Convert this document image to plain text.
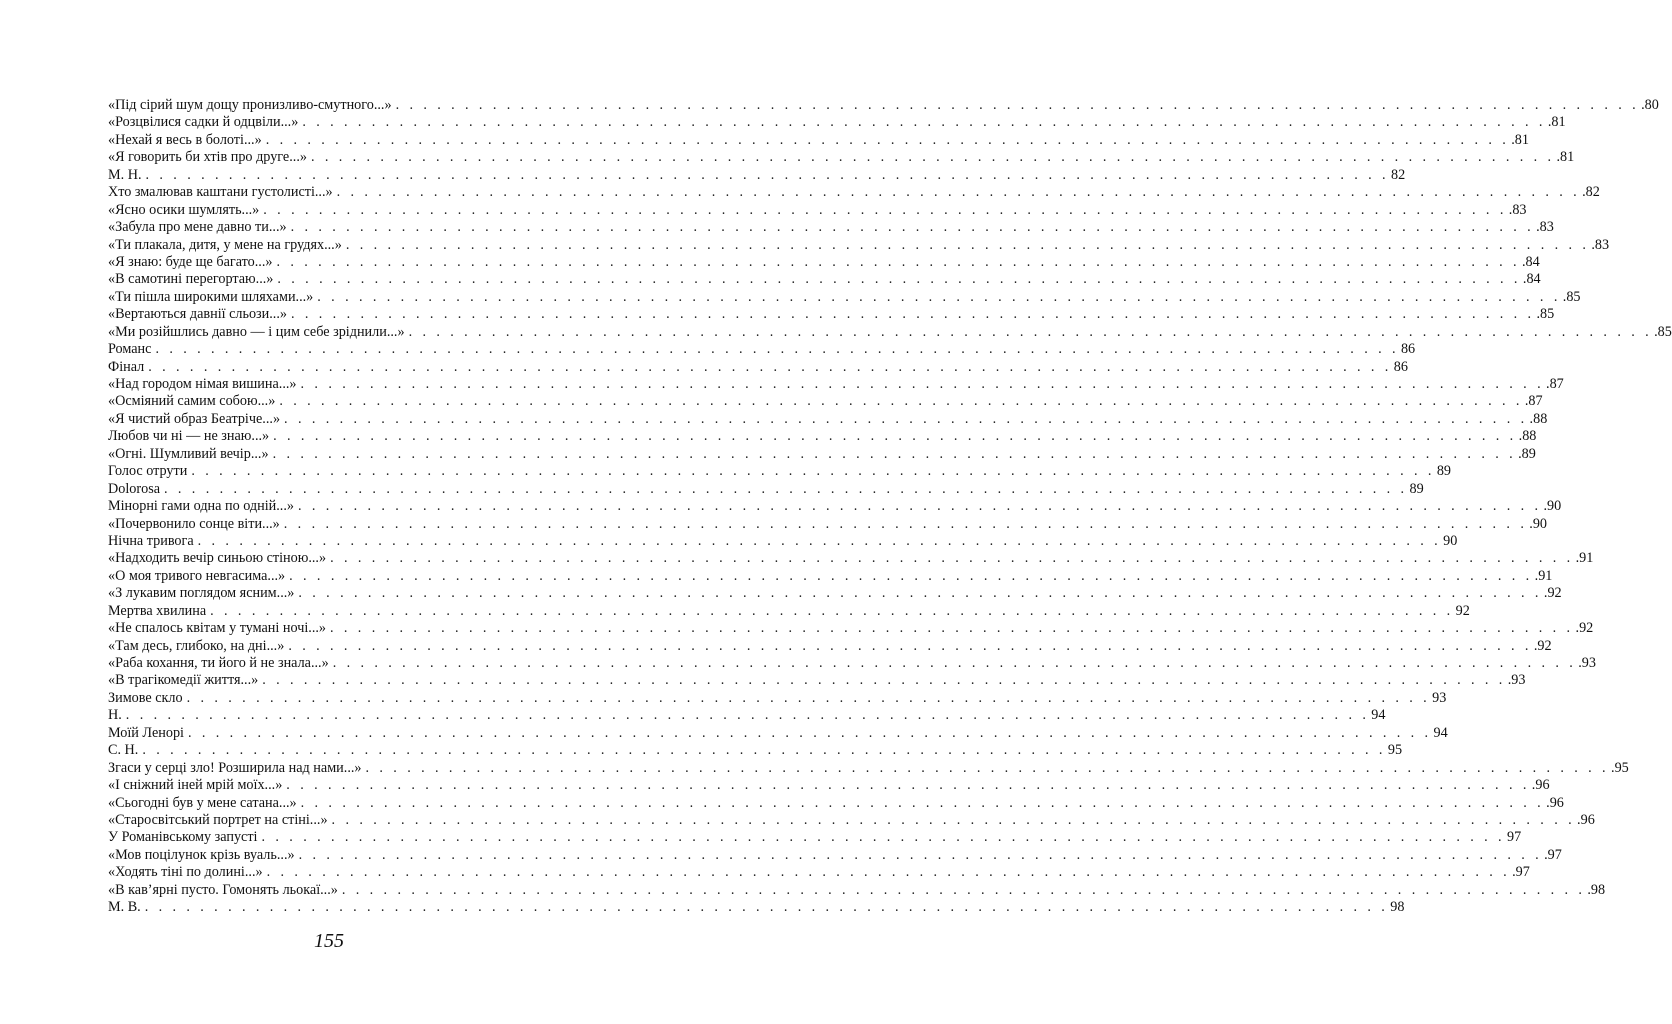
«Під сірий шум дощу пронизливо-смутного...» . . . . . . . . . . . . . . . . . . . . . . . . . . . . . . . . . . . . . . . . . . . . . . . . . . . . . . . . . . . . . . . . . . . . . . . . . . . . . . . . . . . . . . . . . . .80
«Розцвілися садки й одцвіли...» . . . . . . . . . . . . . . . . . . . . . . . . . . . . . . . . . . . . . . . . . . . . . . . . . . . . . . . . . . . . . . . . . . . . . . . . . . . . . . . . . . . . . . . . . . .81
«Нехай я весь в болоті...» . . . . . . . . . . . . . . . . . . . . . . . . . . . . . . . . . . . . . . . . . . . . . . . . . . . . . . . . . . . . . . . . . . . . . . . . . . . . . . . . . . . . . . . . . . .81
«Я говорить би хтів про друге...» . . . . . . . . . . . . . . . . . . . . . . . . . . . . . . . . . . . . . . . . . . . . . . . . . . . . . . . . . . . . . . . . . . . . . . . . . . . . . . . . . . . . . . . . . . .81
М. Н. . . . . . . . . . . . . . . . . . . . . . . . . . . . . . . . . . . . . . . . . . . . . . . . . . . . . . . . . . . . . . . . . . . . . . . . . . . . . . . . . . . . . . . . . . . 82
Хто змалював каштани густолисті...» . . . . . . . . . . . . . . . . . . . . . . . . . . . . . . . . . . . . . . . . . . . . . . . . . . . . . . . . . . . . . . . . . . . . . . . . . . . . . . . . . . . . . . . . . . .82
«Ясно осики шумлять...» . . . . . . . . . . . . . . . . . . . . . . . . . . . . . . . . . . . . . . . . . . . . . . . . . . . . . . . . . . . . . . . . . . . . . . . . . . . . . . . . . . . . . . . . . . .83
«Забула про мене давно ти...» . . . . . . . . . . . . . . . . . . . . . . . . . . . . . . . . . . . . . . . . . . . . . . . . . . . . . . . . . . . . . . . . . . . . . . . . . . . . . . . . . . . . . . . . . . .83
«Ти плакала, дитя, у мене на грудях...» . . . . . . . . . . . . . . . . . . . . . . . . . . . . . . . . . . . . . . . . . . . . . . . . . . . . . . . . . . . . . . . . . . . . . . . . . . . . . . . . . . . . . . . . . . .83
«Я знаю: буде ще багато...» . . . . . . . . . . . . . . . . . . . . . . . . . . . . . . . . . . . . . . . . . . . . . . . . . . . . . . . . . . . . . . . . . . . . . . . . . . . . . . . . . . . . . . . . . . .84
«В самотині перегортаю...» . . . . . . . . . . . . . . . . . . . . . . . . . . . . . . . . . . . . . . . . . . . . . . . . . . . . . . . . . . . . . . . . . . . . . . . . . . . . . . . . . . . . . . . . . . .84
«Ти пішла широкими шляхами...» . . . . . . . . . . . . . . . . . . . . . . . . . . . . . . . . . . . . . . . . . . . . . . . . . . . . . . . . . . . . . . . . . . . . . . . . . . . . . . . . . . . . . . . . . . .85
«Вертаються давнії сльози...» . . . . . . . . . . . . . . . . . . . . . . . . . . . . . . . . . . . . . . . . . . . . . . . . . . . . . . . . . . . . . . . . . . . . . . . . . . . . . . . . . . . . . . . . . . .85
«Ми розійшлись давно — і цим себе зріднили...» . . . . . . . . . . . . . . . . . . . . . . . . . . . . . . . . . . . . . . . . . . . . . . . . . . . . . . . . . . . . . . . . . . . . . . . . . . . . . . . . . . . . . . . . . . .85
Романс . . . . . . . . . . . . . . . . . . . . . . . . . . . . . . . . . . . . . . . . . . . . . . . . . . . . . . . . . . . . . . . . . . . . . . . . . . . . . . . . . . . . . . . . . . 86
Фінал . . . . . . . . . . . . . . . . . . . . . . . . . . . . . . . . . . . . . . . . . . . . . . . . . . . . . . . . . . . . . . . . . . . . . . . . . . . . . . . . . . . . . . . . . . 86
«Над городом німая вишина...» . . . . . . . . . . . . . . . . . . . . . . . . . . . . . . . . . . . . . . . . . . . . . . . . . . . . . . . . . . . . . . . . . . . . . . . . . . . . . . . . . . . . . . . . . . .87
«Осміяний самим собою...» . . . . . . . . . . . . . . . . . . . . . . . . . . . . . . . . . . . . . . . . . . . . . . . . . . . . . . . . . . . . . . . . . . . . . . . . . . . . . . . . . . . . . . . . . . .87
«Я чистий образ Беатріче...» . . . . . . . . . . . . . . . . . . . . . . . . . . . . . . . . . . . . . . . . . . . . . . . . . . . . . . . . . . . . . . . . . . . . . . . . . . . . . . . . . . . . . . . . . . .88
Любов чи ні — не знаю...» . . . . . . . . . . . . . . . . . . . . . . . . . . . . . . . . . . . . . . . . . . . . . . . . . . . . . . . . . . . . . . . . . . . . . . . . . . . . . . . . . . . . . . . . . . .88
«Огні. Шумливий вечір...» . . . . . . . . . . . . . . . . . . . . . . . . . . . . . . . . . . . . . . . . . . . . . . . . . . . . . . . . . . . . . . . . . . . . . . . . . . . . . . . . . . . . . . . . . . .89
Голос отрути . . . . . . . . . . . . . . . . . . . . . . . . . . . . . . . . . . . . . . . . . . . . . . . . . . . . . . . . . . . . . . . . . . . . . . . . . . . . . . . . . . . . . . . . . . 89
Dolorosa . . . . . . . . . . . . . . . . . . . . . . . . . . . . . . . . . . . . . . . . . . . . . . . . . . . . . . . . . . . . . . . . . . . . . . . . . . . . . . . . . . . . . . . . . . 89
Мінорні гами одна по одній...» . . . . . . . . . . . . . . . . . . . . . . . . . . . . . . . . . . . . . . . . . . . . . . . . . . . . . . . . . . . . . . . . . . . . . . . . . . . . . . . . . . . . . . . . . . .90
«Почервонило сонце віти...» . . . . . . . . . . . . . . . . . . . . . . . . . . . . . . . . . . . . . . . . . . . . . . . . . . . . . . . . . . . . . . . . . . . . . . . . . . . . . . . . . . . . . . . . . . .90
Нічна тривога . . . . . . . . . . . . . . . . . . . . . . . . . . . . . . . . . . . . . . . . . . . . . . . . . . . . . . . . . . . . . . . . . . . . . . . . . . . . . . . . . . . . . . . . . . 90
«Надходить вечір синьою стіною...» . . . . . . . . . . . . . . . . . . . . . . . . . . . . . . . . . . . . . . . . . . . . . . . . . . . . . . . . . . . . . . . . . . . . . . . . . . . . . . . . . . . . . . . . . . .91
«О моя тривого невгасима...» . . . . . . . . . . . . . . . . . . . . . . . . . . . . . . . . . . . . . . . . . . . . . . . . . . . . . . . . . . . . . . . . . . . . . . . . . . . . . . . . . . . . . . . . . . .91
«З лукавим поглядом ясним...» . . . . . . . . . . . . . . . . . . . . . . . . . . . . . . . . . . . . . . . . . . . . . . . . . . . . . . . . . . . . . . . . . . . . . . . . . . . . . . . . . . . . . . . . . . .92
Мертва хвилина . . . . . . . . . . . . . . . . . . . . . . . . . . . . . . . . . . . . . . . . . . . . . . . . . . . . . . . . . . . . . . . . . . . . . . . . . . . . . . . . . . . . . . . . . . 92
«Не спалось квітам у тумані ночі...» . . . . . . . . . . . . . . . . . . . . . . . . . . . . . . . . . . . . . . . . . . . . . . . . . . . . . . . . . . . . . . . . . . . . . . . . . . . . . . . . . . . . . . . . . . .92
«Там десь, глибоко, на дні...» . . . . . . . . . . . . . . . . . . . . . . . . . . . . . . . . . . . . . . . . . . . . . . . . . . . . . . . . . . . . . . . . . . . . . . . . . . . . . . . . . . . . . . . . . . .92
«Раба кохання, ти його й не знала...» . . . . . . . . . . . . . . . . . . . . . . . . . . . . . . . . . . . . . . . . . . . . . . . . . . . . . . . . . . . . . . . . . . . . . . . . . . . . . . . . . . . . . . . . . . .93
«В трагікомедії життя...» . . . . . . . . . . . . . . . . . . . . . . . . . . . . . . . . . . . . . . . . . . . . . . . . . . . . . . . . . . . . . . . . . . . . . . . . . . . . . . . . . . . . . . . . . . .93
Зимове скло . . . . . . . . . . . . . . . . . . . . . . . . . . . . . . . . . . . . . . . . . . . . . . . . . . . . . . . . . . . . . . . . . . . . . . . . . . . . . . . . . . . . . . . . . . 93
Н. . . . . . . . . . . . . . . . . . . . . . . . . . . . . . . . . . . . . . . . . . . . . . . . . . . . . . . . . . . . . . . . . . . . . . . . . . . . . . . . . . . . . . . . . . . 94
Моїй Ленорі . . . . . . . . . . . . . . . . . . . . . . . . . . . . . . . . . . . . . . . . . . . . . . . . . . . . . . . . . . . . . . . . . . . . . . . . . . . . . . . . . . . . . . . . . . 94
С. Н. . . . . . . . . . . . . . . . . . . . . . . . . . . . . . . . . . . . . . . . . . . . . . . . . . . . . . . . . . . . . . . . . . . . . . . . . . . . . . . . . . . . . . . . . . . 95
Згаси у серці зло! Розширила над нами...» . . . . . . . . . . . . . . . . . . . . . . . . . . . . . . . . . . . . . . . . . . . . . . . . . . . . . . . . . . . . . . . . . . . . . . . . . . . . . . . . . . . . . . . . . . .95
«І сніжний іней мрій моїх...» . . . . . . . . . . . . . . . . . . . . . . . . . . . . . . . . . . . . . . . . . . . . . . . . . . . . . . . . . . . . . . . . . . . . . . . . . . . . . . . . . . . . . . . . . . .96
«Сьогодні був у мене сатана...» . . . . . . . . . . . . . . . . . . . . . . . . . . . . . . . . . . . . . . . . . . . . . . . . . . . . . . . . . . . . . . . . . . . . . . . . . . . . . . . . . . . . . . . . . . .96
«Старосвітський портрет на стіні...» . . . . . . . . . . . . . . . . . . . . . . . . . . . . . . . . . . . . . . . . . . . . . . . . . . . . . . . . . . . . . . . . . . . . . . . . . . . . . . . . . . . . . . . . . . .96
У Романівському запусті . . . . . . . . . . . . . . . . . . . . . . . . . . . . . . . . . . . . . . . . . . . . . . . . . . . . . . . . . . . . . . . . . . . . . . . . . . . . . . . . . . . . . . . . . . 97
«Мов поцілунок крізь вуаль...» . . . . . . . . . . . . . . . . . . . . . . . . . . . . . . . . . . . . . . . . . . . . . . . . . . . . . . . . . . . . . . . . . . . . . . . . . . . . . . . . . . . . . . . . . . .97
«Ходять тіні по долині...» . . . . . . . . . . . . . . . . . . . . . . . . . . . . . . . . . . . . . . . . . . . . . . . . . . . . . . . . . . . . . . . . . . . . . . . . . . . . . . . . . . . . . . . . . . .97
«В кав’ярні пусто. Гомонять льокаї...» . . . . . . . . . . . . . . . . . . . . . . . . . . . . . . . . . . . . . . . . . . . . . . . . . . . . . . . . . . . . . . . . . . . . . . . . . . . . . . . . . . . . . . . . . . .98
М. В. . . . . . . . . . . . . . . . . . . . . . . . . . . . . . . . . . . . . . . . . . . . . . . . . . . . . . . . . . . . . . . . . . . . . . . . . . . . . . . . . . . . . . . . . . . 98
155
